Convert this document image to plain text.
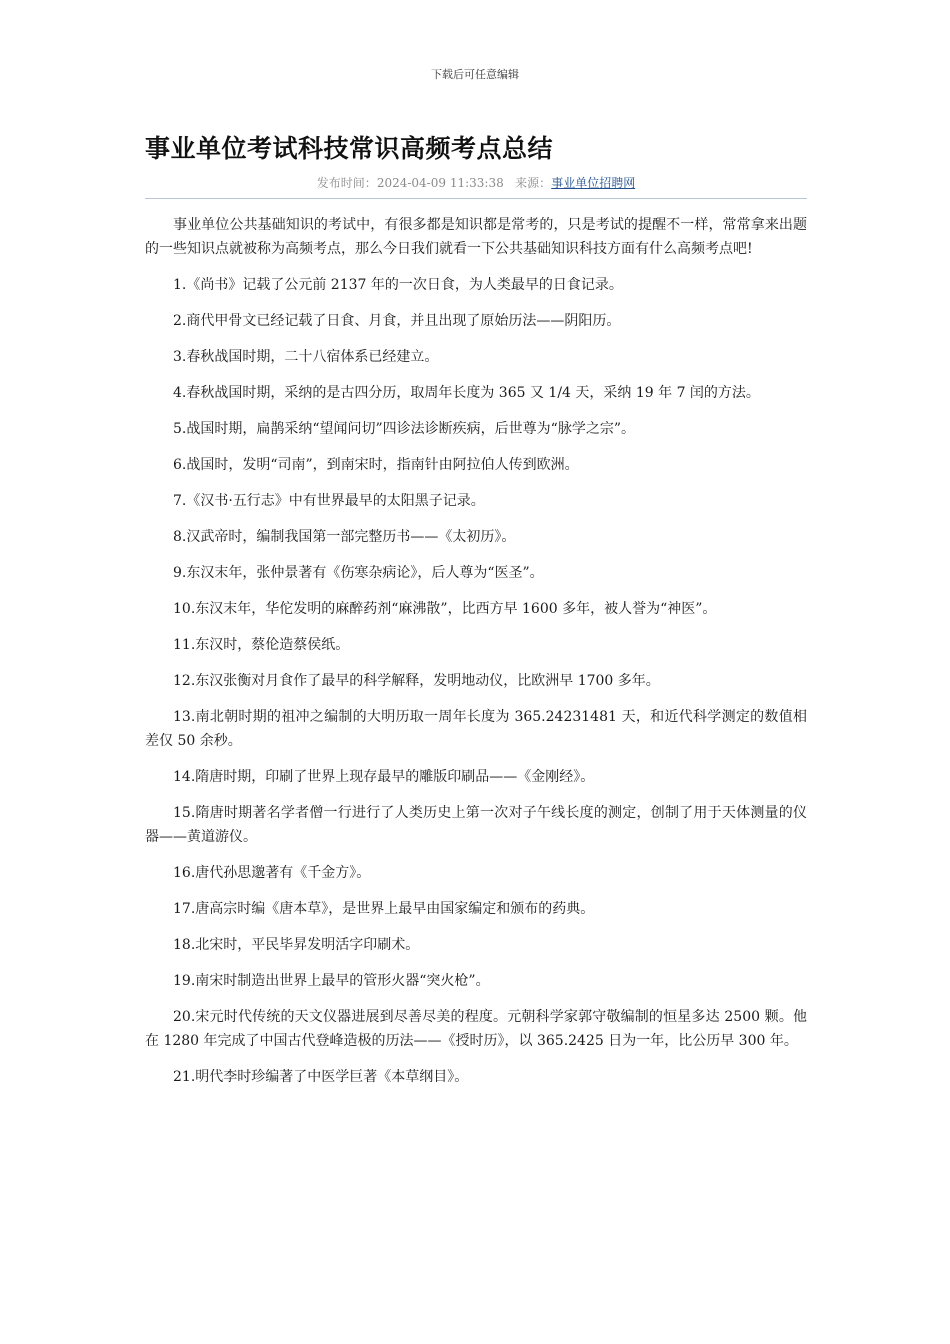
下载后可任意编辑
事业单位考试科技常识高频考点总结
发布时间：2024-04-09 11:33:38 来源：事业单位招聘网

事业单位公共基础知识的考试中，有很多都是知识都是常考的，只是考试的提醒不一样，常常拿来出题的一些知识点就被称为高频考点，那么今日我们就看一下公共基础知识科技方面有什么高频考点吧!

1.《尚书》记载了公元前 2137 年的一次日食，为人类最早的日食记录。

2.商代甲骨文已经记载了日食、月食，并且出现了原始历法——阴阳历。

3.春秋战国时期，二十八宿体系已经建立。

4.春秋战国时期，采纳的是古四分历，取周年长度为 365 又 1/4 天，采纳 19 年 7 闰的方法。

5.战国时期，扁鹊采纳“望闻问切”四诊法诊断疾病，后世尊为“脉学之宗”。

6.战国时，发明“司南”，到南宋时，指南针由阿拉伯人传到欧洲。

7.《汉书·五行志》中有世界最早的太阳黑子记录。

8.汉武帝时，编制我国第一部完整历书——《太初历》。

9.东汉末年，张仲景著有《伤寒杂病论》，后人尊为“医圣”。

10.东汉末年，华佗发明的麻醉药剂“麻沸散”，比西方早 1600 多年，被人誉为“神医”。

11.东汉时，蔡伦造蔡侯纸。

12.东汉张衡对月食作了最早的科学解释，发明地动仪，比欧洲早 1700 多年。

13.南北朝时期的祖冲之编制的大明历取一周年长度为 365.24231481 天，和近代科学测定的数值相差仅 50 余秒。

14.隋唐时期，印刷了世界上现存最早的雕版印刷品——《金刚经》。

15.隋唐时期著名学者僧一行进行了人类历史上第一次对子午线长度的测定，创制了用于天体测量的仪器——黄道游仪。

16.唐代孙思邈著有《千金方》。

17.唐高宗时编《唐本草》，是世界上最早由国家编定和颁布的药典。

18.北宋时，平民毕昇发明活字印刷术。

19.南宋时制造出世界上最早的管形火器“突火枪”。

20.宋元时代传统的天文仪器进展到尽善尽美的程度。元朝科学家郭守敬编制的恒星多达 2500 颗。他在 1280 年完成了中国古代登峰造极的历法——《授时历》，以 365.2425 日为一年，比公历早 300 年。

21.明代李时珍编著了中医学巨著《本草纲目》。
